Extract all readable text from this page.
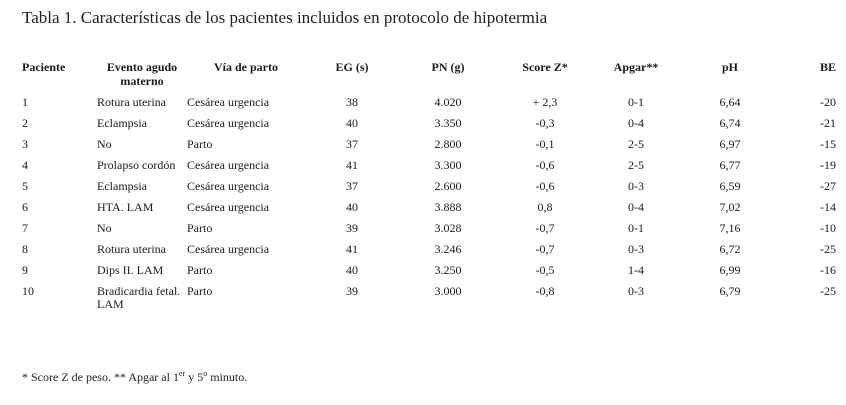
Tabla 1. Características de los pacientes incluidos en protocolo de hipotermia
Paciente	Evento agudo materno	Vía de parto	EG (s)	PN (g)	Score Z*	Apgar**	pH	BE
1	Rotura uterina	Cesárea urgencia	38	4.020	+ 2,3	0-1	6,64	-20
2	Eclampsia	Cesárea urgencia	40	3.350	-0,3	0-4	6,74	-21
3	No	Parto	37	2.800	-0,1	2-5	6,97	-15
4	Prolapso cordón	Cesárea urgencia	41	3.300	-0,6	2-5	6,77	-19
5	Eclampsia	Cesárea urgencia	37	2.600	-0,6	0-3	6,59	-27
6	HTA. LAM	Cesárea urgencia	40	3.888	0,8	0-4	7,02	-14
7	No	Parto	39	3.028	-0,7	0-1	7,16	-10
8	Rotura uterina	Cesárea urgencia	41	3.246	-0,7	0-3	6,72	-25
9	Dips II. LAM	Parto	40	3.250	-0,5	1-4	6,99	-16
10	Bradicardia fetal. LAM	Parto	39	3.000	-0,8	0-3	6,79	-25
* Score Z de peso. ** Apgar al 1er y 5$^o$ minuto.
